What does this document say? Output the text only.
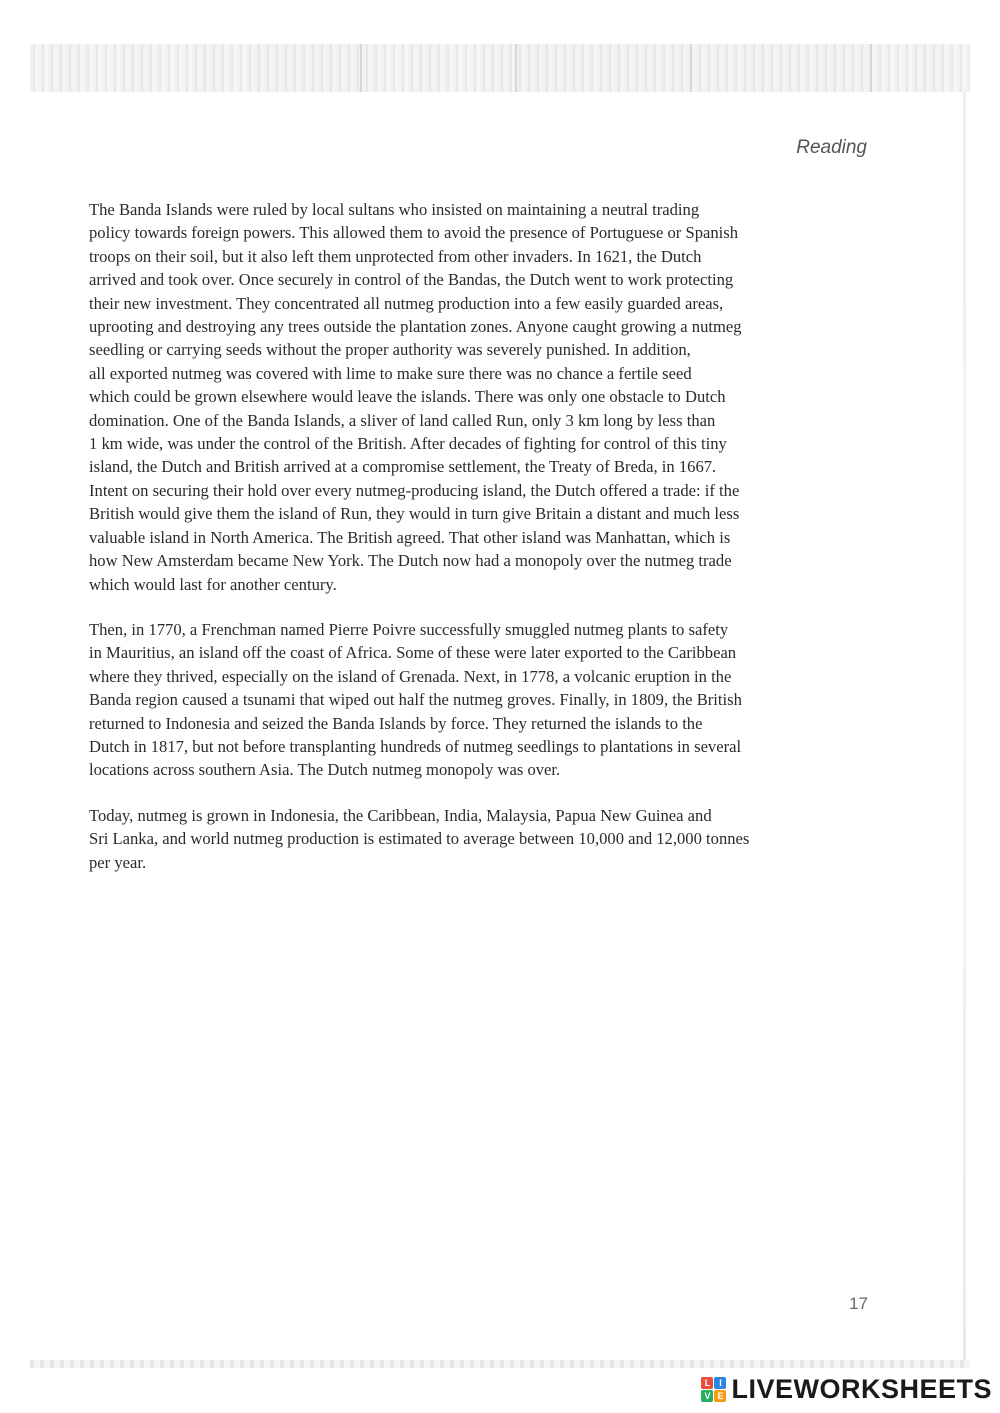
Reading

The Banda Islands were ruled by local sultans who insisted on maintaining a neutral trading
policy towards foreign powers. This allowed them to avoid the presence of Portuguese or Spanish
troops on their soil, but it also left them unprotected from other invaders. In 1621, the Dutch
arrived and took over. Once securely in control of the Bandas, the Dutch went to work protecting
their new investment. They concentrated all nutmeg production into a few easily guarded areas,
uprooting and destroying any trees outside the plantation zones. Anyone caught growing a nutmeg
seedling or carrying seeds without the proper authority was severely punished. In addition,
all exported nutmeg was covered with lime to make sure there was no chance a fertile seed
which could be grown elsewhere would leave the islands. There was only one obstacle to Dutch
domination. One of the Banda Islands, a sliver of land called Run, only 3 km long by less than
1 km wide, was under the control of the British. After decades of fighting for control of this tiny
island, the Dutch and British arrived at a compromise settlement, the Treaty of Breda, in 1667.
Intent on securing their hold over every nutmeg-producing island, the Dutch offered a trade: if the
British would give them the island of Run, they would in turn give Britain a distant and much less
valuable island in North America. The British agreed. That other island was Manhattan, which is
how New Amsterdam became New York. The Dutch now had a monopoly over the nutmeg trade
which would last for another century.

Then, in 1770, a Frenchman named Pierre Poivre successfully smuggled nutmeg plants to safety
in Mauritius, an island off the coast of Africa. Some of these were later exported to the Caribbean
where they thrived, especially on the island of Grenada. Next, in 1778, a volcanic eruption in the
Banda region caused a tsunami that wiped out half the nutmeg groves. Finally, in 1809, the British
returned to Indonesia and seized the Banda Islands by force. They returned the islands to the
Dutch in 1817, but not before transplanting hundreds of nutmeg seedlings to plantations in several
locations across southern Asia. The Dutch nutmeg monopoly was over.

Today, nutmeg is grown in Indonesia, the Caribbean, India, Malaysia, Papua New Guinea and
Sri Lanka, and world nutmeg production is estimated to average between 10,000 and 12,000 tonnes
per year.

17
L I
V E LIVEWORKSHEETS
